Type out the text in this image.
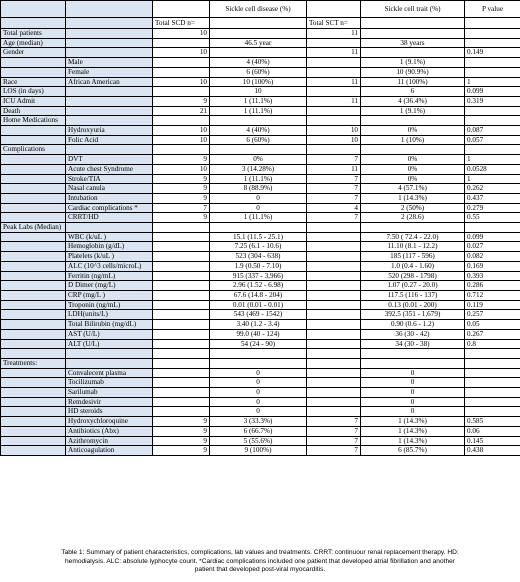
			Sickle cell disease (%)		Sickle cell trait (%)	P value
		Total SCD n=		Total SCT n=		
Total patients		10		11		
Age (median)			46.5 year		38 years	
Gender		10		11		0.149
	Male		4 (40%)		1 (9.1%)	
	Female		6 (60%)		10 (90.9%)	
Race	African American	10	10 (100%)	11	11 (100%)	1
LOS (in days)			10		6	0.099
ICU Admit		9	1 (11.1%)	11	4 (36.4%)	0.319
Death		21	1 (11.1%)		1 (9.1%)	
Home Medications						
	Hydroxyuria	10	4 (40%)	10	0%	0.087
	Folic Acid	10	6 (60%)	10	1 (10%)	0.057
Complications						
	DVT	9	0%	7	0%	1
	Acute chest Syndrome	10	3 (14.28%)	11	0%	0.0528
	Stroke/TIA	9	1 (11.1%)	7	0%	1
	Nasal canula	9	8 (88.9%)	7	4 (57.1%)	0.262
	Intubation	9	0	7	1 (14.3%)	0.437
	Cardiac complications *	7	0	4	2 (50%)	0.279
	CRRT/HD	9	1 (11.1%)	7	2 (28.6)	0.55
Peak Labs (Median)						
	WBC (k/uL )		15.1 (11.5 - 25.1)		7.50 ( 72.4 - 22.0)	0.099
	Hemoglobin (g/dL)		7.25 (6.1 - 10.6)		11.10 (8.1 - 12.2)	0.027
	Platelets (k/uL )		523 (304 - 638)		185 (117 - 596)	0.082
	ALC (10^3 cells/microL)		1.9 (0.50 - 7.10)		1.0 (0.4 - 1.60)	0.169
	Ferritin (ng/mL)		915 (337 - 3,966)		520 (298 - 1798)	0.393
	D Dimer (mg/L)		2.96 (1.52 - 6.98)		1.07 (0.27 - 20.0)	0.286
	CRP (mg/L )		67.6 (14.8 - 204)		117.5 (116 - 137)	0.712
	Troponin (ng/mL)		0.01 (0.01 - 0.01)		0.13 (0.01 - 200)	0.119
	LDH(units/L)		543 (469 - 1542)		392.5 (351 - 1,679)	0.257
	Total Bilirubin (mg/dL)		3.40 (1.2 - 3.4)		0.90 (0.6 - 1.2)	0.05
	AST (U/L)		99.0 (40 - 124)		36 (30 - 42)	0.267
	ALT (U/L)		54 (24 - 90)		34 (30 - 38)	0.8

Treatments:						
	Convalecent plasma		0		0	
	Tocilizumab		0		0	
	Sarilumab		0		0	
	Remdesivir		0		0	
	HD steroids		0		0	
	Hydroxychloroquine	9	3 (33.3%)	7	1 (14.3%)	0.585
	Antibiotics (Abx)	9	6 (66.7%)	7	1 (14.3%)	0.06
	Azithromycin	9	5 (55.6%)	7	1 (14.3%)	0.145
	Anticoagulation	9	9 (100%)	7	6 (85.7%)	0.438
Table 1: Summary of patient characteristics, complications, lab values and treatments. CRRT: continuour renal replacement therapy. HD: hemodialysis. ALC: absolute lyphocyte count. *Cardiac complications included one patient that developed atrial fibrillation and another patient that developed post-viral myocarditis.
